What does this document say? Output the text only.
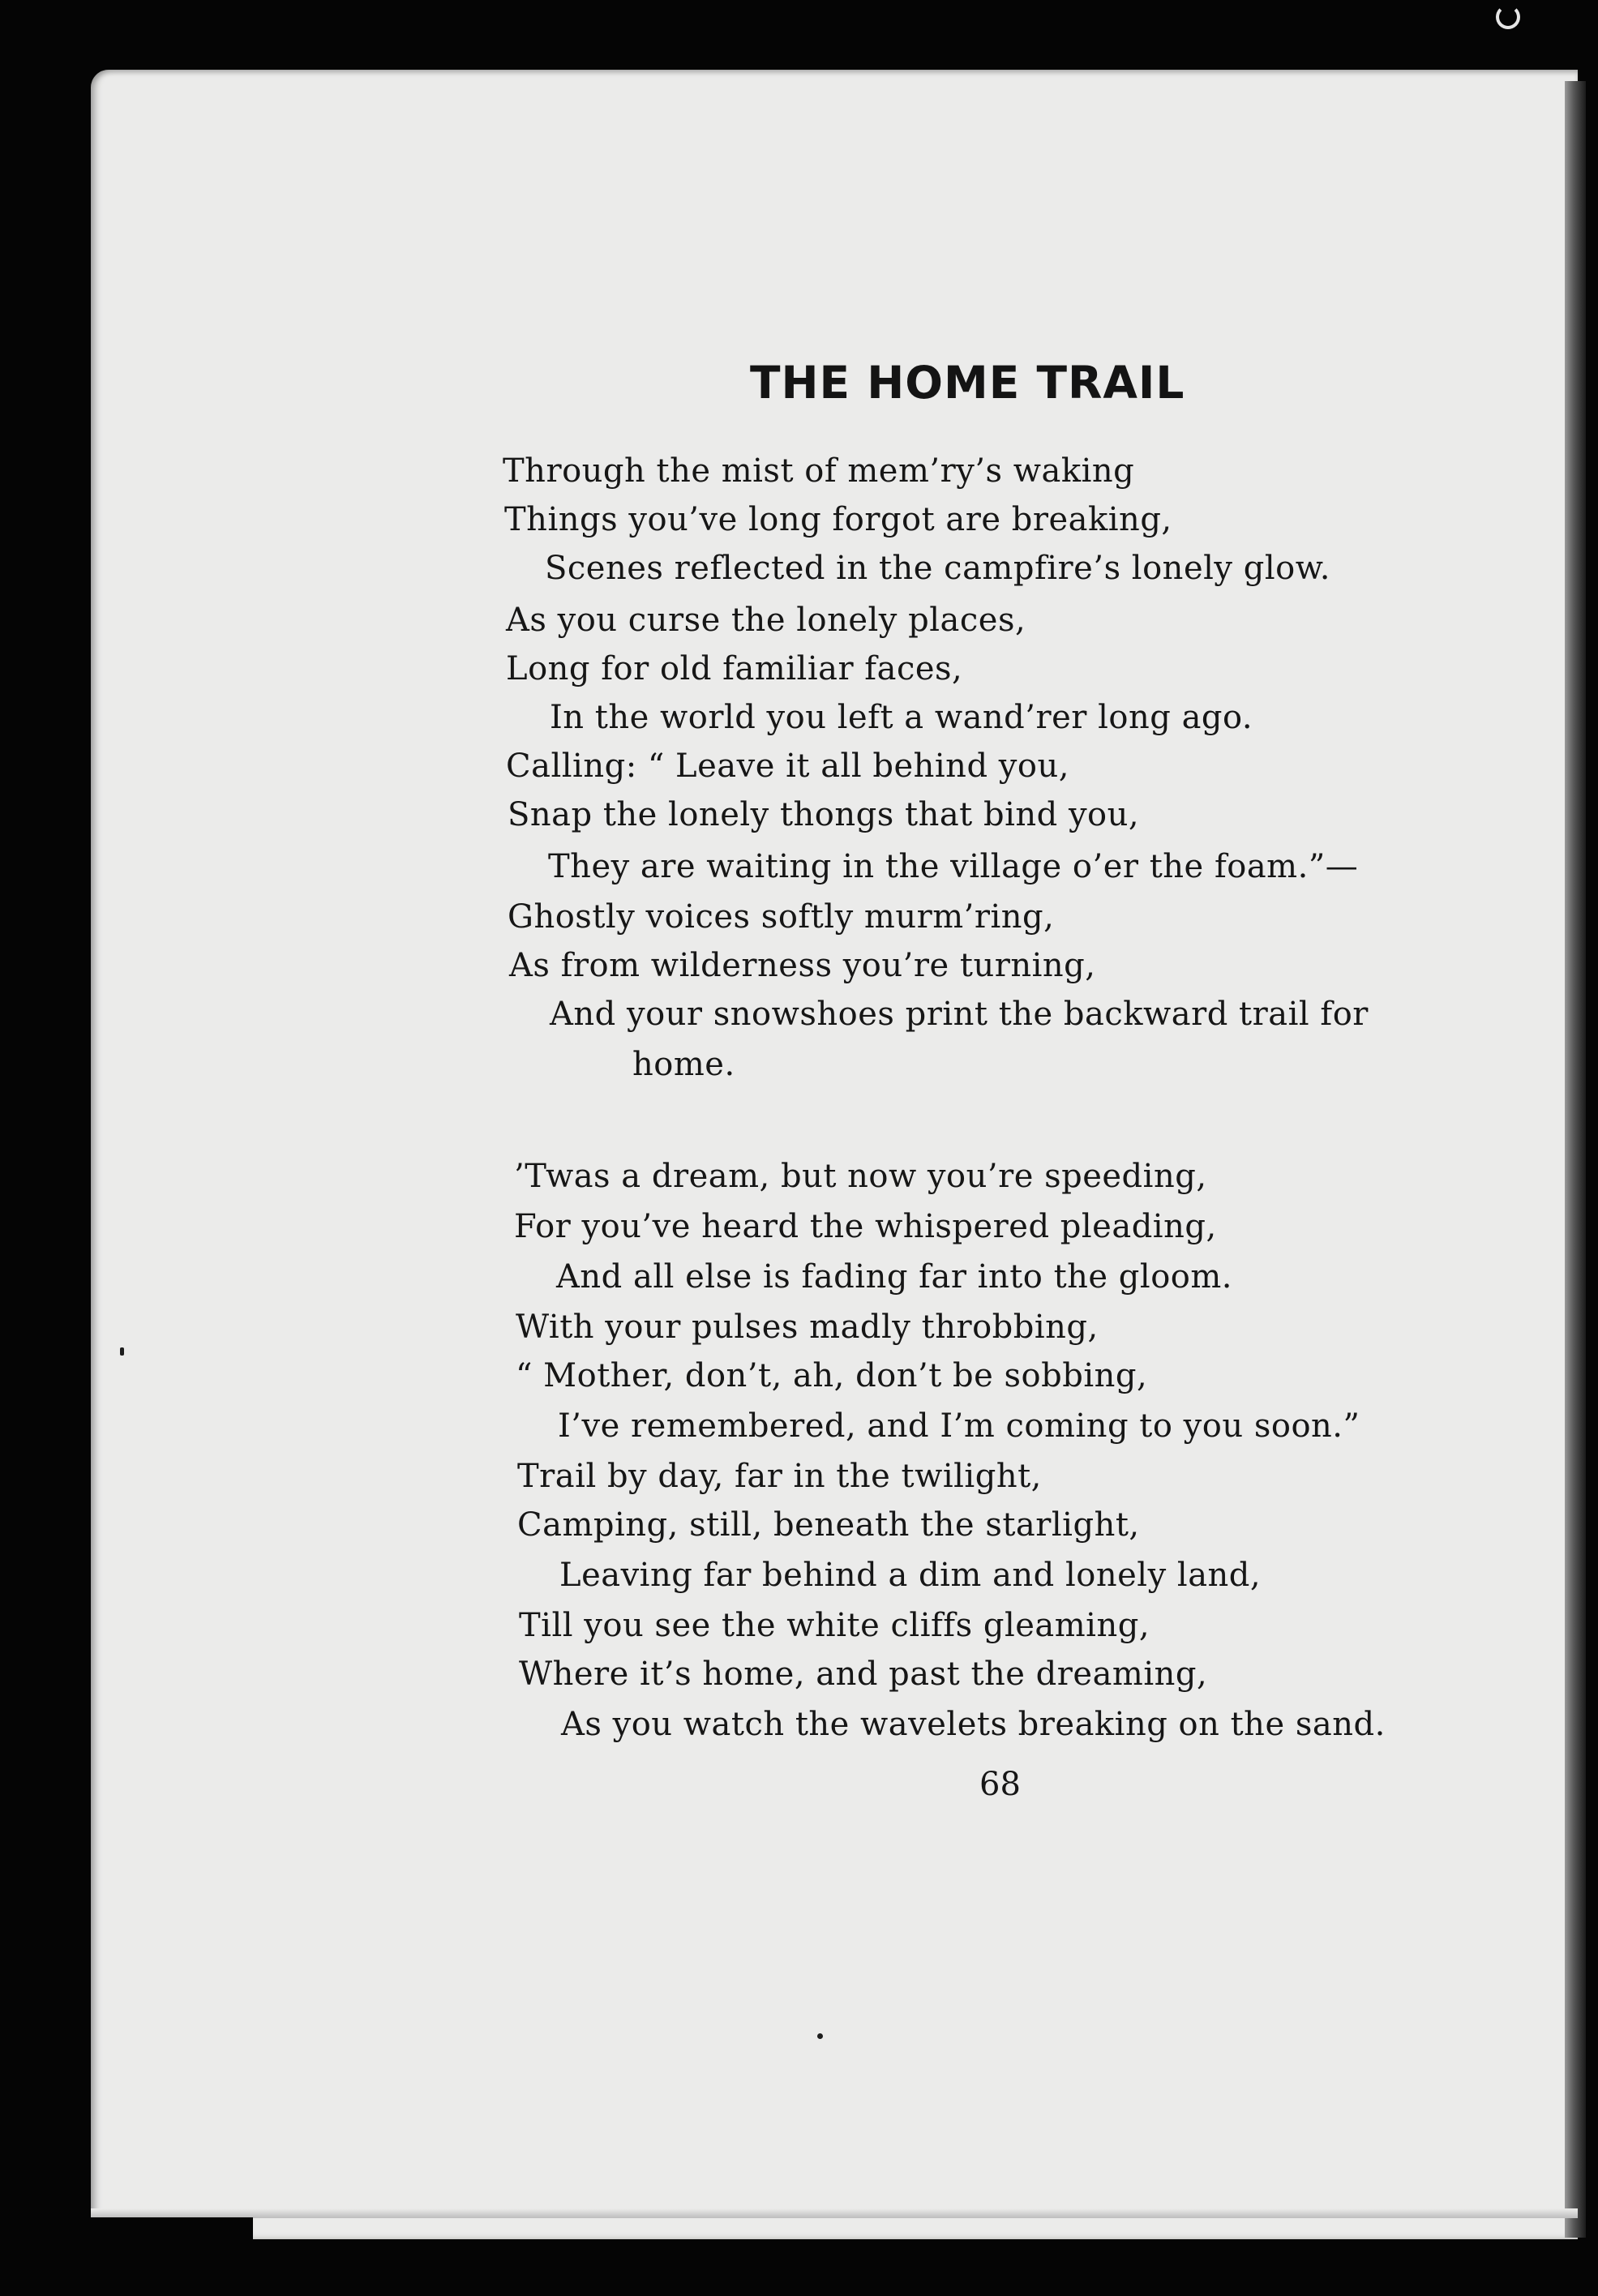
THE HOME TRAIL
Through the mist of mem’ry’s waking
Things you’ve long forgot are breaking,
Scenes reflected in the campfire’s lonely glow.
As you curse the lonely places,
Long for old familiar faces,
In the world you left a wand’rer long ago.
Calling: “ Leave it all behind you,
Snap the lonely thongs that bind you,
They are waiting in the village o’er the foam.”—
Ghostly voices softly murm’ring,
As from wilderness you’re turning,
And your snowshoes print the backward trail for
home.
’Twas a dream, but now you’re speeding,
For you’ve heard the whispered pleading,
And all else is fading far into the gloom.
With your pulses madly throbbing,
“ Mother, don’t, ah, don’t be sobbing,
I’ve remembered, and I’m coming to you soon.”
Trail by day, far in the twilight,
Camping, still, beneath the starlight,
Leaving far behind a dim and lonely land,
Till you see the white cliffs gleaming,
Where it’s home, and past the dreaming,
As you watch the wavelets breaking on the sand.
68
